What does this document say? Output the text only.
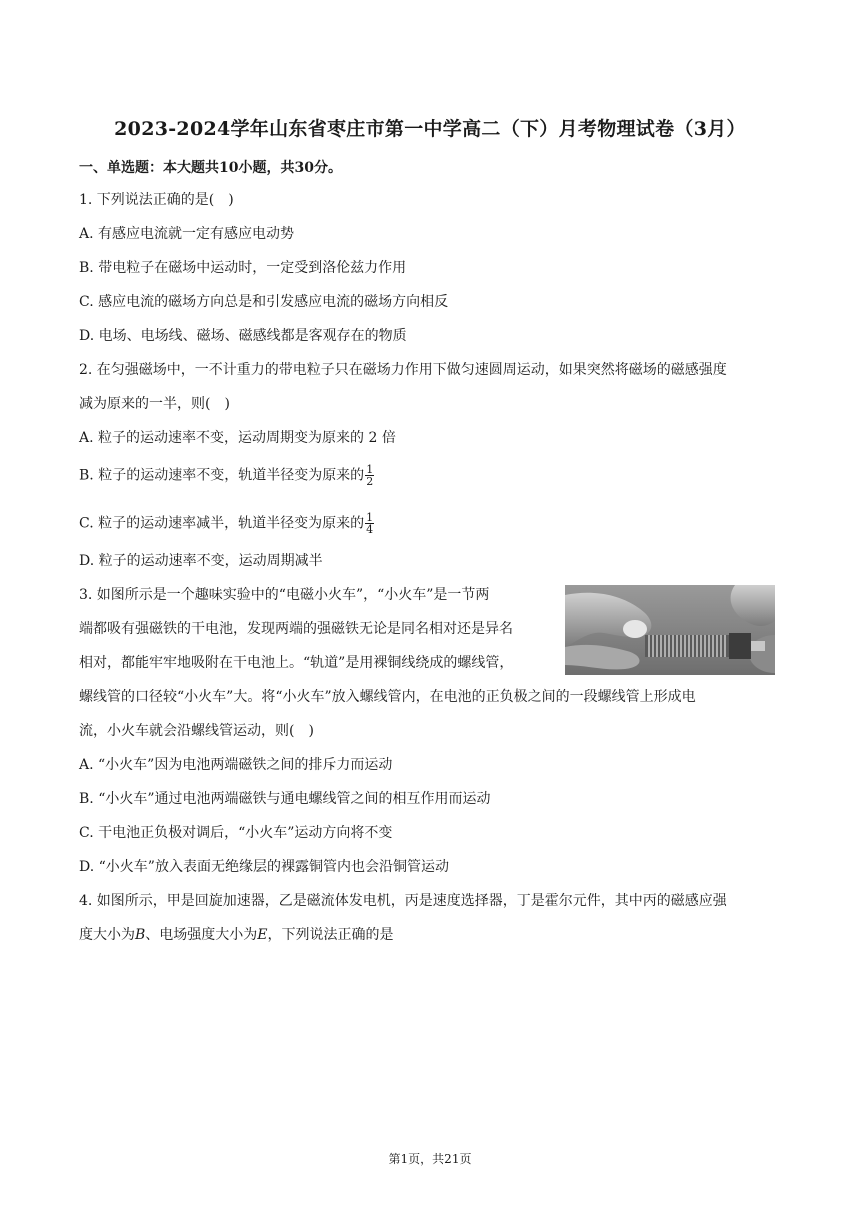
2023-2024学年山东省枣庄市第一中学高二（下）月考物理试卷（3月）
一、单选题：本大题共10小题，共30分。
1. 下列说法正确的是(　)
A. 有感应电流就一定有感应电动势
B. 带电粒子在磁场中运动时，一定受到洛伦兹力作用
C. 感应电流的磁场方向总是和引发感应电流的磁场方向相反
D. 电场、电场线、磁场、磁感线都是客观存在的物质
2. 在匀强磁场中，一不计重力的带电粒子只在磁场力作用下做匀速圆周运动，如果突然将磁场的磁感强度
减为原来的一半，则(　)
A. 粒子的运动速率不变，运动周期变为原来的 2 倍
B. 粒子的运动速率不变，轨道半径变为原来的 $\frac{1}{2}$
C. 粒子的运动速率减半，轨道半径变为原来的 $\frac{1}{4}$
D. 粒子的运动速率不变，运动周期减半
3. 如图所示是一个趣味实验中的“电磁小火车”，“小火车”是一节两
端都吸有强磁铁的干电池，发现两端的强磁铁无论是同名相对还是异名
相对，都能牢牢地吸附在干电池上。“轨道”是用裸铜线绕成的螺线管，
螺线管的口径较“小火车”大。将“小火车”放入螺线管内，在电池的正负极之间的一段螺线管上形成电
流，小火车就会沿螺线管运动，则(　)
A. “小火车”因为电池两端磁铁之间的排斥力而运动
B. “小火车”通过电池两端磁铁与通电螺线管之间的相互作用而运动
C. 干电池正负极对调后，“小火车”运动方向将不变
D. “小火车”放入表面无绝缘层的裸露铜管内也会沿铜管运动
4. 如图所示，甲是回旋加速器，乙是磁流体发电机，丙是速度选择器，丁是霍尔元件，其中丙的磁感应强
度大小为B、电场强度大小为E，下列说法正确的是
第1页，共21页
